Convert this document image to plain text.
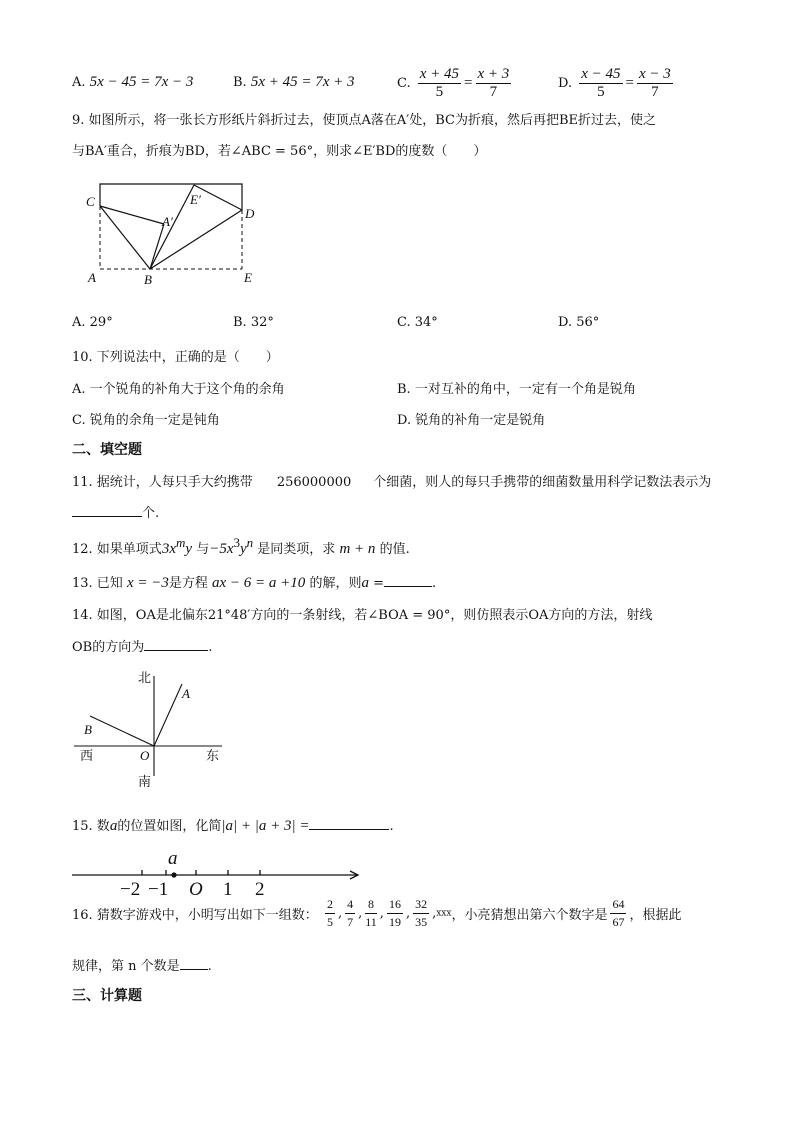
A. 5x − 45 = 7x − 3	B. 5x + 45 = 7x + 3	C. $\frac{x + 45}{5} = \frac{x + 3}{7}$	D. $\frac{x - 45}{5} = \frac{x - 3}{7}$
9. 如图所示，将一张长方形纸片斜折过去，使顶点A落在A′处，BC为折痕，然后再把BE折过去，使之
与BA′重合，折痕为BD，若∠ABC = 56°，则求∠E′BD的度数（　　）
C
A′
E′
D
A	B	E
A. 29°	B. 32°	C. 34°	D. 56°
10. 下列说法中，正确的是（　　）
A. 一个锐角的补角大于这个角的余角	B. 一对互补的角中，一定有一个角是锐角
C. 锐角的余角一定是钝角	D. 锐角的补角一定是锐角
二、填空题
11. 据统计，人每只手大约携带 256000000 个细菌，则人的每只手携带的细菌数量用科学记数法表示为
个.
12. 如果单项式$3x^my$ 与$-5x^3y^n$ 是同类项，求 m + n 的值.
13. 已知 x = −3是方程 ax − 6 = a +10 的解，则a =	.
14. 如图，OA是北偏东21°48′方向的一条射线，若∠BOA = 90°，则仿照表示OA方向的方法，射线
OB的方向为	.
北
A
B
O
西	东
南
15. 数a的位置如图，化简|a| + |a + 3| =	.
a
−2 −1 O 1 2
16. 猜数字游戏中，小明写出如下一组数： $\frac{2}{5}$ , $\frac{4}{7}$ , $\frac{8}{11}$ , $\frac{16}{19}$ , $\frac{32}{35} ,xxx$，小亮猜想出第六个数字是 $\frac{64}{67}$ ，根据此
规律，第 n 个数是 .
三、计算题
